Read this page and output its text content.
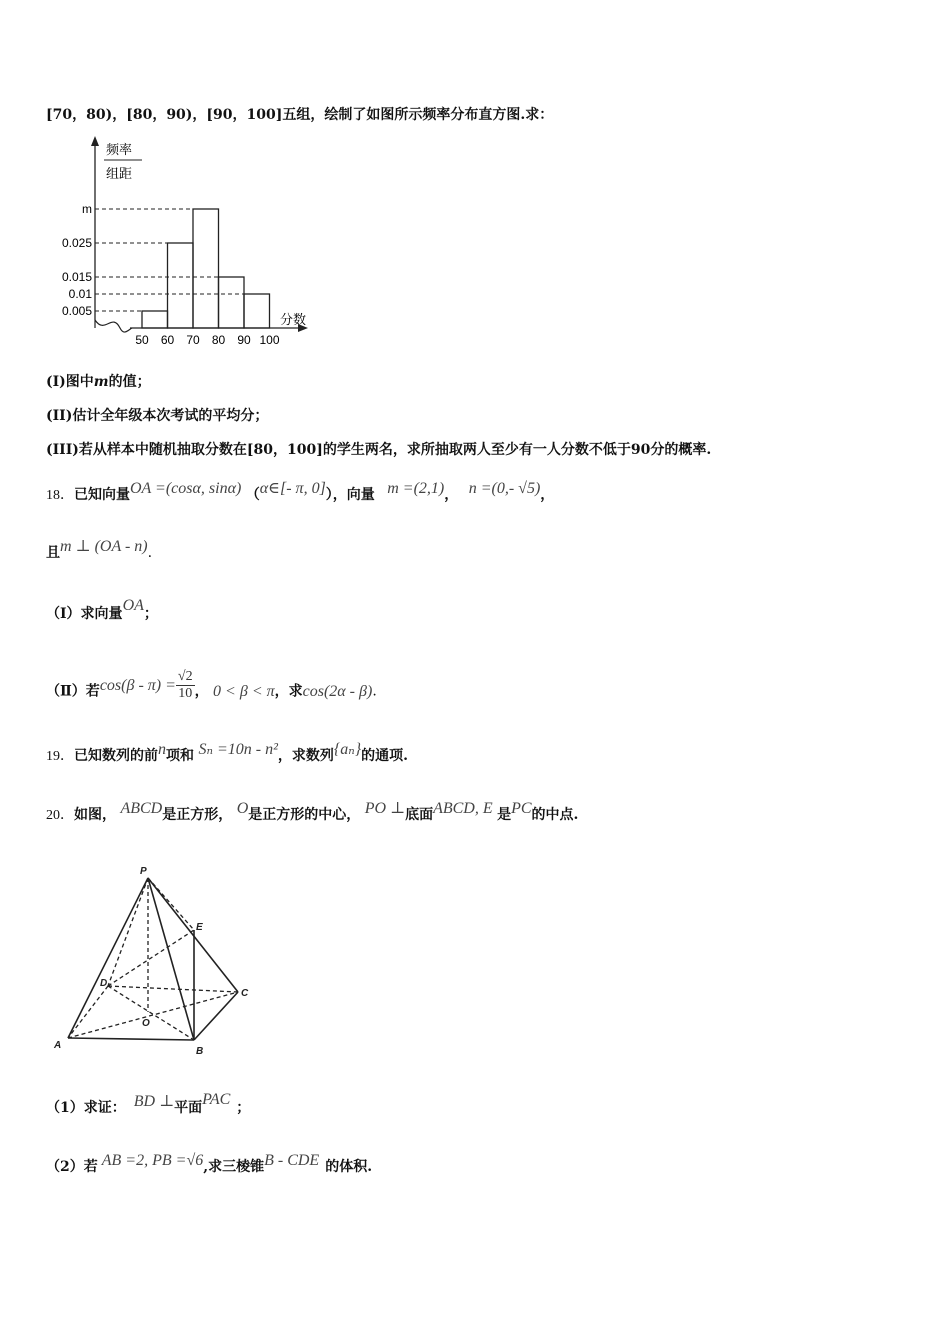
[70，80)，[80，90)，[90，100]五组，绘制了如图所示频率分布直方图.求：
频率
组距
分数
m
0.025
0.015
0.01
0.005
50 60 70 80 90 100
(I)图中m的值；
(II)估计全年级本次考试的平均分；
(III)若从样本中随机抽取分数在[80，100]的学生两名，求所抽取两人至少有一人分数不低于90分的概率.
18．已知向量OA =(cosα, sinα) （α∈[- π, 0]），向量 m =(2,1)， n =(0,- √5)，
且m ⊥ (OA - n).
（Ⅰ）求向量OA；
（Ⅱ）若$\cos(\beta - \pi) = \frac{√2}{10}$ ， 0 < β < π，求cos(2α - β).
19．已知数列的前n项和 Sₙ =10n - n²，求数列{aₙ}的通项.
20．如图， ABCD是正方形， O是正方形的中心， PO ⊥底面ABCD, E 是PC的中点.
P
E
D
C
O
A
B
（1）求证： BD ⊥平面PAC ；
（2）若 AB =2, PB =√6,求三棱锥B - CDE 的体积.
